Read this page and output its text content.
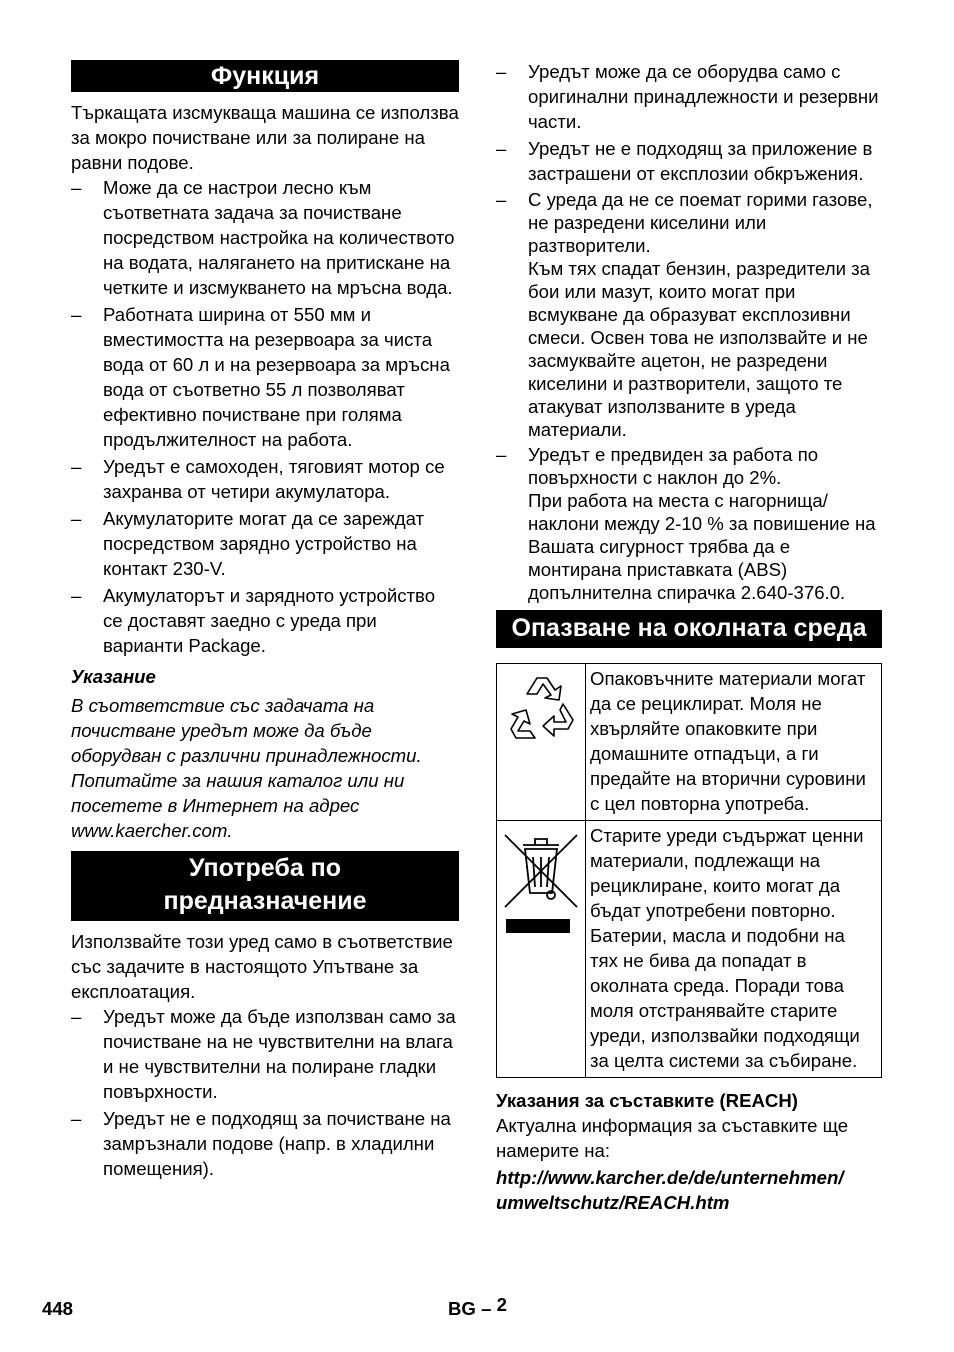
Функция

Търкащата изсмукваща машина се използва за мокро почистване или за полиране на равни подове.

– Може да се настрои лесно към съответната задача за почистване посредством настройка на количеството на водата, налягането на притискане на четките и изсмукването на мръсна вода.
– Работната ширина от 550 мм и вместимостта на резервоара за чиста вода от 60 л и на резервоара за мръсна вода от съответно 55 л позволяват ефективно почистване при голяма продължителност на работа.
– Уредът е самоходен, тяговият мотор се захранва от четири акумулатора.
– Акумулаторите могат да се зареждат посредством зарядно устройство на контакт 230-V.
– Акумулаторът и зарядното устройство се доставят заедно с уреда при варианти Package.

Указание

В съответствие със задачата на почистване уредът може да бъде оборудван с различни принадлежности. Попитайте за нашия каталог или ни посетете в Интернет на адрес www.kaercher.com.

Употреба по
предназначение

Използвайте този уред само в съответствие със задачите в настоящото Упътване за експлоатация.

– Уредът може да бъде използван само за почистване на не чувствителни на влага и не чувствителни на полиране гладки повърхности.
– Уредът не е подходящ за почистване на замръзнали подове (напр. в хладилни помещения).
– Уредът може да се оборудва само с оригинални принадлежности и резервни части.
– Уредът не е подходящ за приложение в застрашени от експлозии обкръжения.
– С уреда да не се поемат горими газове, не разредени киселини или разтворители.
Към тях спадат бензин, разредители за бои или мазут, които могат при всмукване да образуват експлозивни смеси. Освен това не използвайте и не засмуквайте ацетон, не разредени киселини и разтворители, защото те атакуват използваните в уреда материали.
– Уредът е предвиден за работа по повърхности с наклон до 2%.
При работа на места с нагорнища/наклони между 2-10 % за повишение на Вашата сигурност трябва да е монтирана приставката (ABS) допълнителна спирачка 2.640-376.0.
Опазване на околната среда
	Опаковъчните материали могат да се рециклират. Моля не хвърляйте опаковките при домашните отпадъци, а ги предайте на вторични суровини с цел повторна употреба.
	Старите уреди съдържат ценни материали, подлежащи на рециклиране, които могат да бъдат употребени повторно. Батерии, масла и подобни на тях не бива да попадат в околната среда. Поради това моля отстранявайте старите уреди, използвайки подходящи за целта системи за събиране.

Указания за съставките (REACH)

Актуална информация за съставките ще намерите на:

http://www.karcher.de/de/unternehmen/
umweltschutz/REACH.htm

448	BG – 2
